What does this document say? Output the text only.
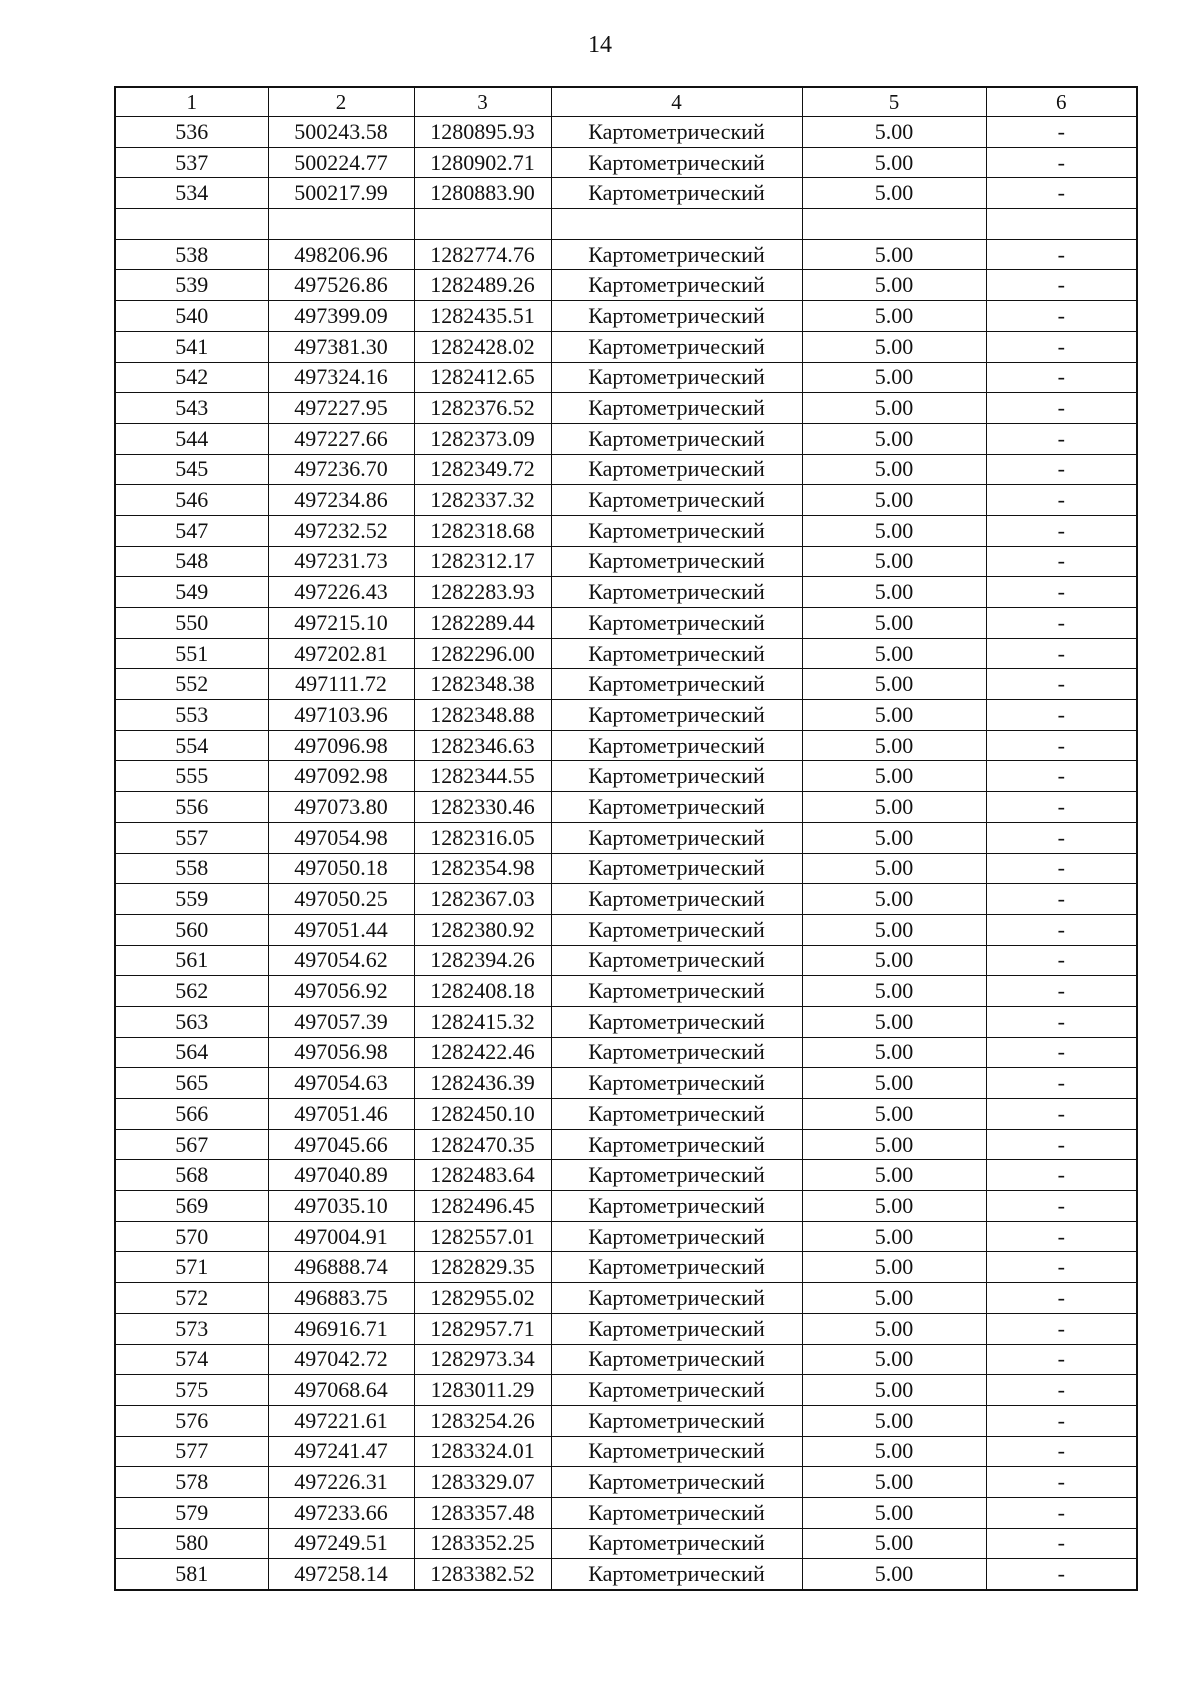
14
1	2	3	4	5	6
536	500243.58	1280895.93	Картометрический	5.00	-
537	500224.77	1280902.71	Картометрический	5.00	-
534	500217.99	1280883.90	Картометрический	5.00	-

538	498206.96	1282774.76	Картометрический	5.00	-
539	497526.86	1282489.26	Картометрический	5.00	-
540	497399.09	1282435.51	Картометрический	5.00	-
541	497381.30	1282428.02	Картометрический	5.00	-
542	497324.16	1282412.65	Картометрический	5.00	-
543	497227.95	1282376.52	Картометрический	5.00	-
544	497227.66	1282373.09	Картометрический	5.00	-
545	497236.70	1282349.72	Картометрический	5.00	-
546	497234.86	1282337.32	Картометрический	5.00	-
547	497232.52	1282318.68	Картометрический	5.00	-
548	497231.73	1282312.17	Картометрический	5.00	-
549	497226.43	1282283.93	Картометрический	5.00	-
550	497215.10	1282289.44	Картометрический	5.00	-
551	497202.81	1282296.00	Картометрический	5.00	-
552	497111.72	1282348.38	Картометрический	5.00	-
553	497103.96	1282348.88	Картометрический	5.00	-
554	497096.98	1282346.63	Картометрический	5.00	-
555	497092.98	1282344.55	Картометрический	5.00	-
556	497073.80	1282330.46	Картометрический	5.00	-
557	497054.98	1282316.05	Картометрический	5.00	-
558	497050.18	1282354.98	Картометрический	5.00	-
559	497050.25	1282367.03	Картометрический	5.00	-
560	497051.44	1282380.92	Картометрический	5.00	-
561	497054.62	1282394.26	Картометрический	5.00	-
562	497056.92	1282408.18	Картометрический	5.00	-
563	497057.39	1282415.32	Картометрический	5.00	-
564	497056.98	1282422.46	Картометрический	5.00	-
565	497054.63	1282436.39	Картометрический	5.00	-
566	497051.46	1282450.10	Картометрический	5.00	-
567	497045.66	1282470.35	Картометрический	5.00	-
568	497040.89	1282483.64	Картометрический	5.00	-
569	497035.10	1282496.45	Картометрический	5.00	-
570	497004.91	1282557.01	Картометрический	5.00	-
571	496888.74	1282829.35	Картометрический	5.00	-
572	496883.75	1282955.02	Картометрический	5.00	-
573	496916.71	1282957.71	Картометрический	5.00	-
574	497042.72	1282973.34	Картометрический	5.00	-
575	497068.64	1283011.29	Картометрический	5.00	-
576	497221.61	1283254.26	Картометрический	5.00	-
577	497241.47	1283324.01	Картометрический	5.00	-
578	497226.31	1283329.07	Картометрический	5.00	-
579	497233.66	1283357.48	Картометрический	5.00	-
580	497249.51	1283352.25	Картометрический	5.00	-
581	497258.14	1283382.52	Картометрический	5.00	-
